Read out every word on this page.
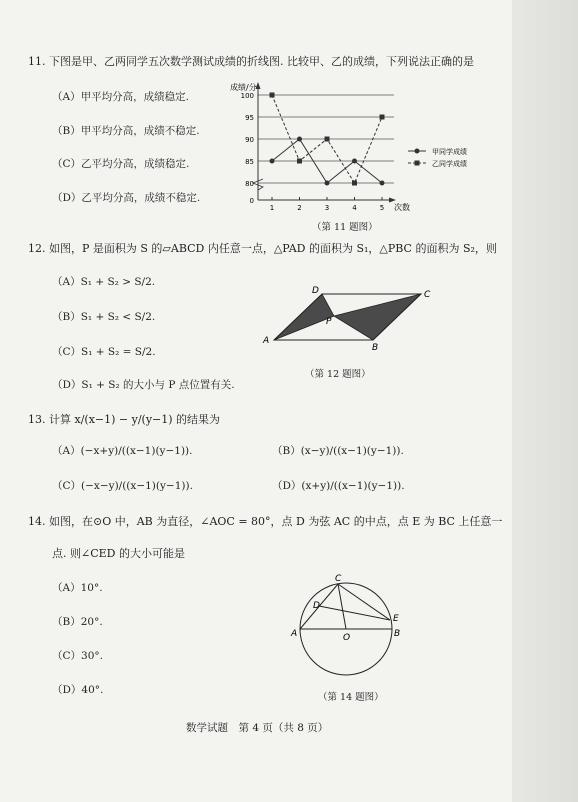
11. 下图是甲、乙两同学五次数学测试成绩的折线图. 比较甲、乙的成绩，下列说法正确的是
（A）甲平均分高，成绩稳定.
（B）甲平均分高，成绩不稳定.
（C）乙平均分高，成绩稳定.
（D）乙平均分高，成绩不稳定.
成绩/分
次数
0
80
85
90
95
100
1	2	3	4	5
甲同学成绩
乙同学成绩
（第 11 题图）
12. 如图，P 是面积为 S 的▱ABCD 内任意一点，△PAD 的面积为 S₁，△PBC 的面积为 S₂，则
（A）S₁ + S₂ > S/2.
（B）S₁ + S₂ < S/2.
（C）S₁ + S₂ = S/2.
（D）S₁ + S₂ 的大小与 P 点位置有关.
A
B
C
D
P
（第 12 题图）
13. 计算 x/(x−1) − y/(y−1) 的结果为
（A）(−x+y)/((x−1)(y−1)).	（B）(x−y)/((x−1)(y−1)).
（C）(−x−y)/((x−1)(y−1)).	（D）(x+y)/((x−1)(y−1)).
14. 如图，在⊙O 中，AB 为直径，∠AOC = 80°，点 D 为弦 AC 的中点，点 E 为 BC 上任意一
点. 则∠CED 的大小可能是
（A）10°.
（B）20°.
（C）30°.
（D）40°.
A	B
C
D
E
O
（第 14 题图）
数学试题　第 4 页（共 8 页）
